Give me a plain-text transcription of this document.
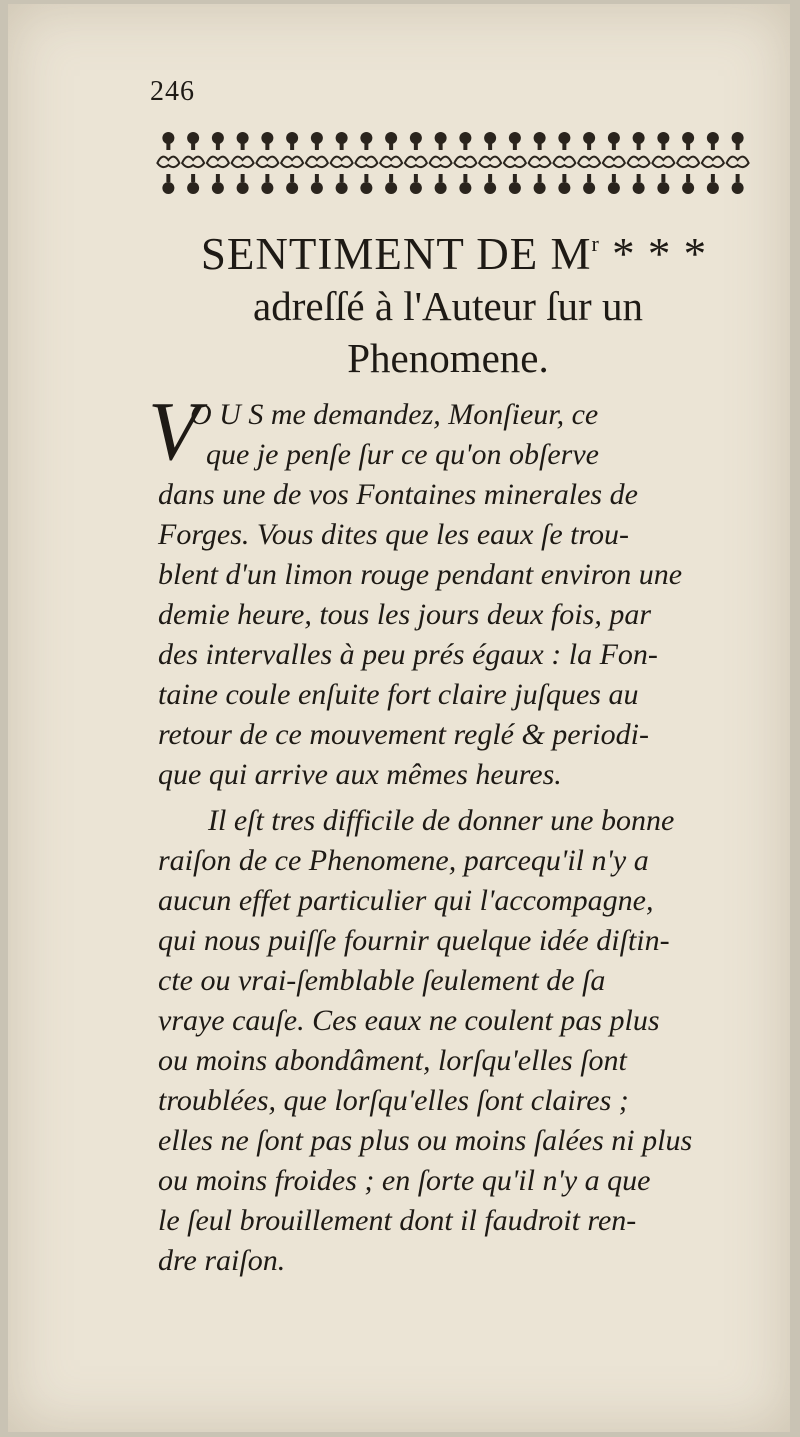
246
SENTIMENT DE $M^r$ * * *
adreſſé à l'Auteur ſur un
Phenomene.
V
O U S me demandez, Monſieur, ce
que je penſe ſur ce qu'on obſerve
dans une de vos Fontaines minerales de
Forges. Vous dites que les eaux ſe trou-
blent d'un limon rouge pendant environ une
demie heure, tous les jours deux fois, par
des intervalles à peu prés égaux : la Fon-
taine coule enſuite fort claire juſques au
retour de ce mouvement reglé & periodi-
que qui arrive aux mêmes heures.
Il eſt tres difficile de donner une bonne
raiſon de ce Phenomene, parcequ'il n'y a
aucun effet particulier qui l'accompagne,
qui nous puiſſe fournir quelque idée diſtin-
cte ou vrai-ſemblable ſeulement de ſa
vraye cauſe. Ces eaux ne coulent pas plus
ou moins abondâment, lorſqu'elles ſont
troublées, que lorſqu'elles ſont claires ;
elles ne ſont pas plus ou moins ſalées ni plus
ou moins froides ; en ſorte qu'il n'y a que
le ſeul brouillement dont il faudroit ren-
dre raiſon.
